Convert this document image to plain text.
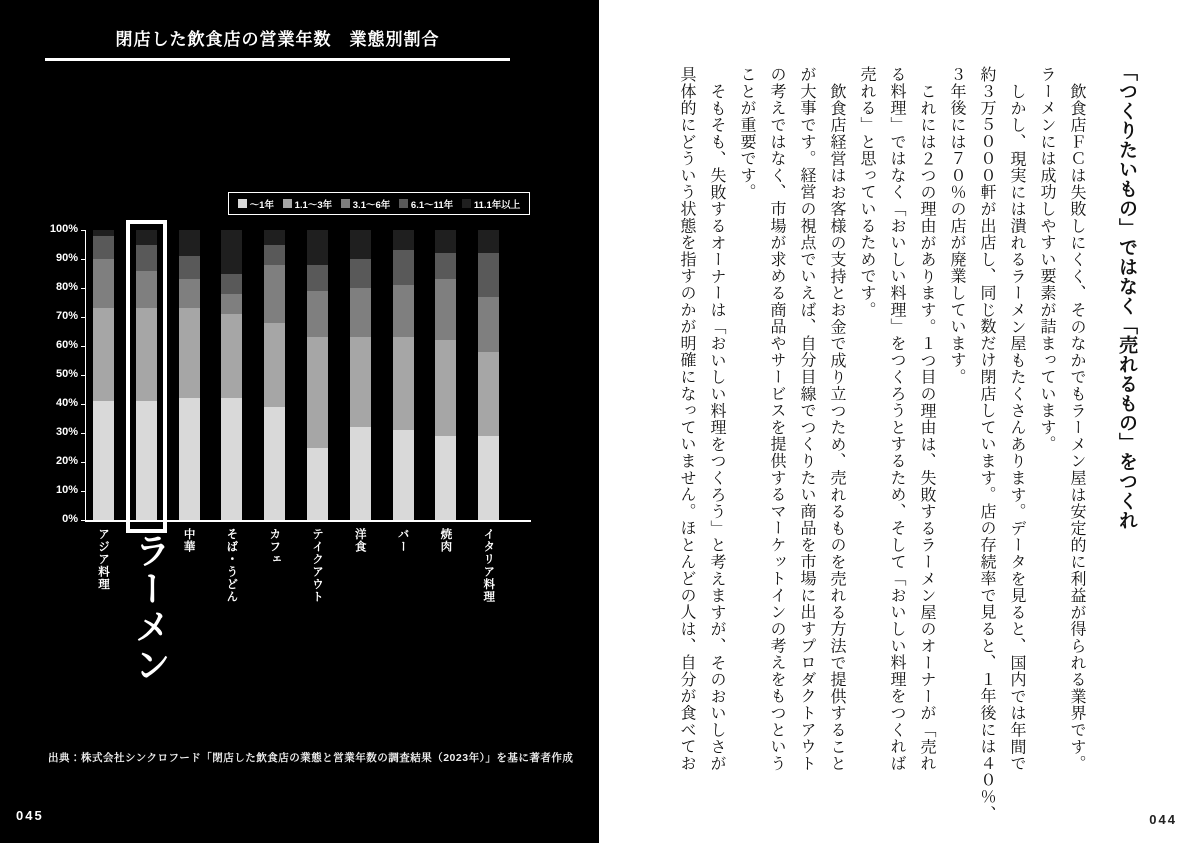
閉店した飲食店の営業年数　業態別割合
～1年 1.1～3年 3.1～6年 6.1～11年 11.1年以上
0%
10%
20%
30%
40%
50%
60%
70%
80%
90%
100%
アジア料理 ラーメン 中華	そば・うどん	カフェ	テイクアウト	洋食	バー	焼肉	イタリア料理

出典：株式会社シンクロフード「閉店した飲食店の業態と営業年数の調査結果（2023年）」を基に著者作成

045
「つくりたいもの」ではなく「売れるもの」をつくれ
飲食店ＦＣは失敗しにくく、そのなかでもラーメン屋は安定的に利益が得られる業界です。
ラーメンには成功しやすい要素が詰まっています。
しかし、現実には潰れるラーメン屋もたくさんあります。データを見ると、国内では年間で
約３万５０００軒が出店し、同じ数だけ閉店しています。店の存続率で見ると、１年後には４０％、
３年後には７０％の店が廃業しています。
これには２つの理由があります。１つ目の理由は、失敗するラーメン屋のオーナーが「売れ
る料理」ではなく「おいしい料理」をつくろうとするため、そして「おいしい料理をつくれば
売れる」と思っているためです。
飲食店経営はお客様の支持とお金で成り立つため、売れるものを売れる方法で提供すること
が大事です。経営の視点でいえば、自分目線でつくりたい商品を市場に出すプロダクトアウト
の考えではなく、市場が求める商品やサービスを提供するマーケットインの考えをもつという
ことが重要です。
そもそも、失敗するオーナーは「おいしい料理をつくろう」と考えますが、そのおいしさが
具体的にどういう状態を指すのかが明確になっていません。ほとんどの人は、自分が食べてお
044
